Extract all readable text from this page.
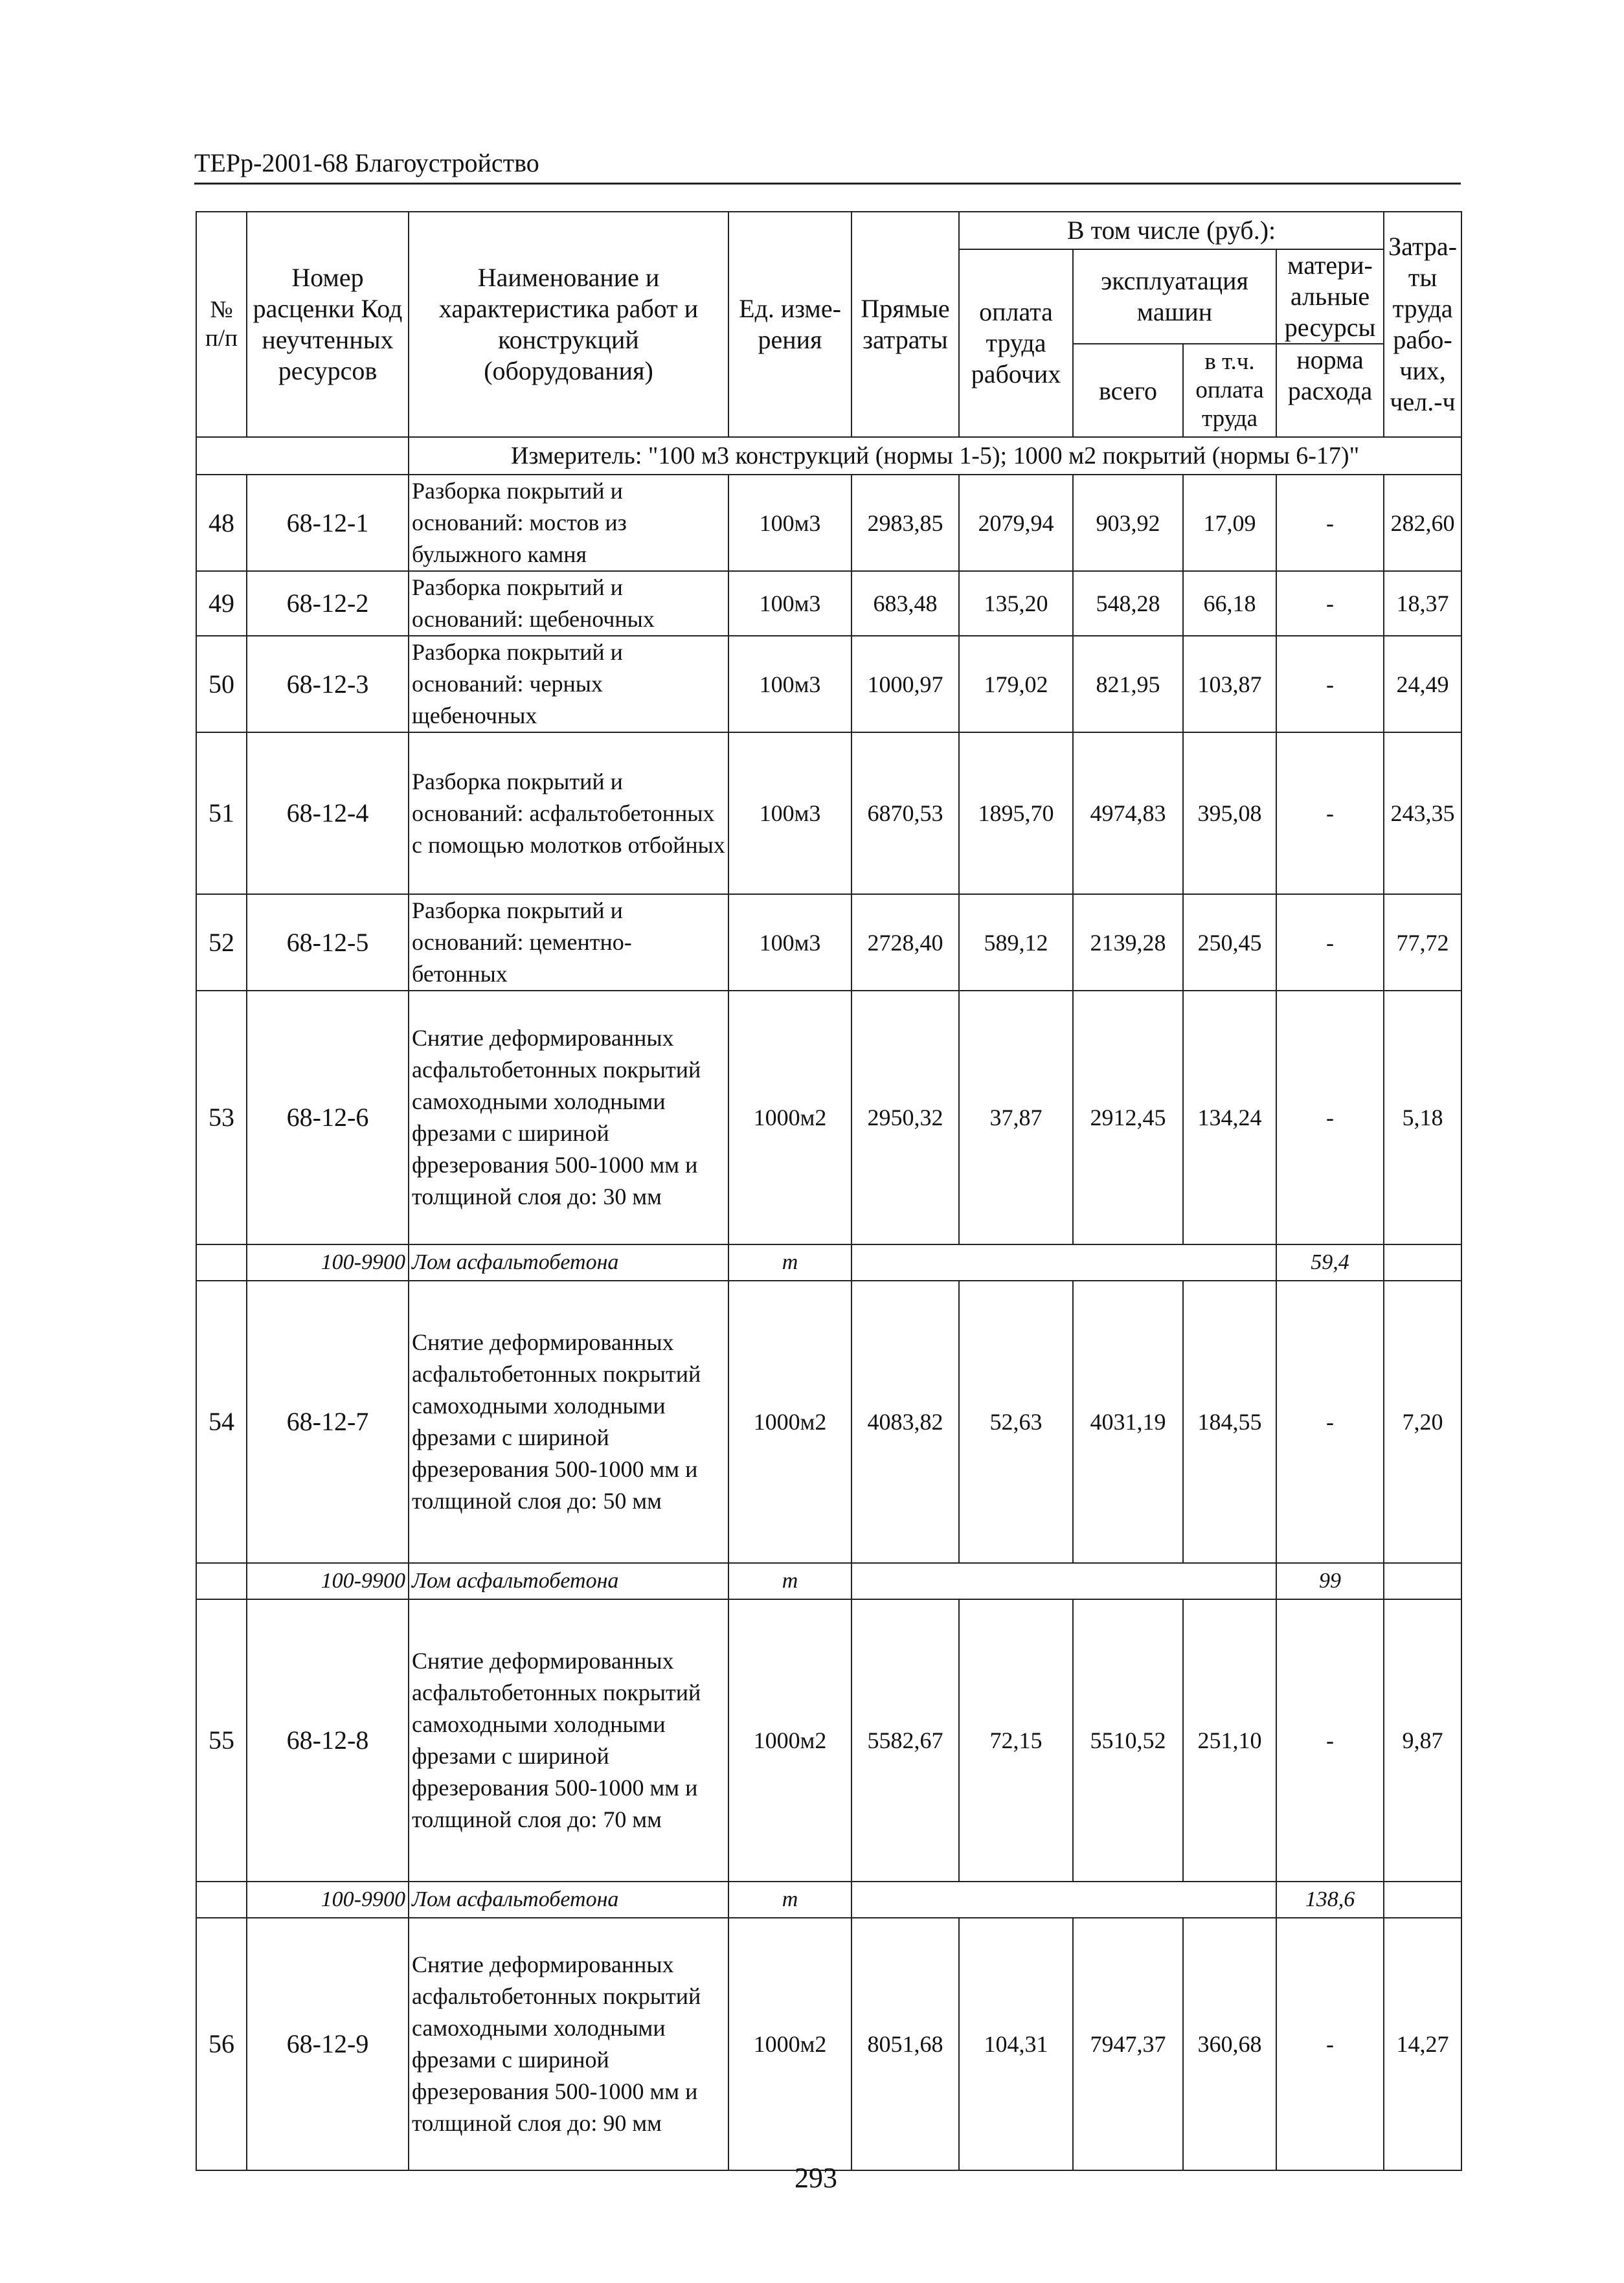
ТЕРр-2001-68 Благоустройство
№ п/п	Номер расценки Код неучтенных ресурсов	Наименование и характеристика работ и конструкций (оборудования)	Ед. изме- рения	Прямые затраты	В том числе (руб.):				Затра- ты труда рабо- чих, чел.-ч
					оплата труда рабочих	эксплуатация машин		матери- альные ресурсы	
						всего	в т.ч. оплата труда	норма расхода	

		Измеритель: "100 м3 конструкций (нормы 1-5); 1000 м2 покрытий (нормы 6-17)"							
48	68-12-1	Разборка покрытий и оснований: мостов из булыжного камня	100м3	2983,85	2079,94	903,92	17,09	-	282,60
49	68-12-2	Разборка покрытий и оснований: щебеночных	100м3	683,48	135,20	548,28	66,18	-	18,37
50	68-12-3	Разборка покрытий и оснований: черных щебеночных	100м3	1000,97	179,02	821,95	103,87	-	24,49
51	68-12-4	Разборка покрытий и оснований: асфальтобетонных с помощью молотков отбойных	100м3	6870,53	1895,70	4974,83	395,08	-	243,35
52	68-12-5	Разборка покрытий и оснований: цементно-бетонных	100м3	2728,40	589,12	2139,28	250,45	-	77,72
53	68-12-6	Снятие деформированных асфальтобетонных покрытий самоходными холодными фрезами с шириной фрезерования 500-1000 мм и толщиной слоя до: 30 мм	1000м2	2950,32	37,87	2912,45	134,24	-	5,18
	100-9900	Лом асфальтобетона	т					59,4	
54	68-12-7	Снятие деформированных асфальтобетонных покрытий самоходными холодными фрезами с шириной фрезерования 500-1000 мм и толщиной слоя до: 50 мм	1000м2	4083,82	52,63	4031,19	184,55	-	7,20
	100-9900	Лом асфальтобетона	т					99	
55	68-12-8	Снятие деформированных асфальтобетонных покрытий самоходными холодными фрезами с шириной фрезерования 500-1000 мм и толщиной слоя до: 70 мм	1000м2	5582,67	72,15	5510,52	251,10	-	9,87
	100-9900	Лом асфальтобетона	т					138,6	
56	68-12-9	Снятие деформированных асфальтобетонных покрытий самоходными холодными фрезами с шириной фрезерования 500-1000 мм и толщиной слоя до: 90 мм	1000м2	8051,68	104,31	7947,37	360,68	-	14,27
293
